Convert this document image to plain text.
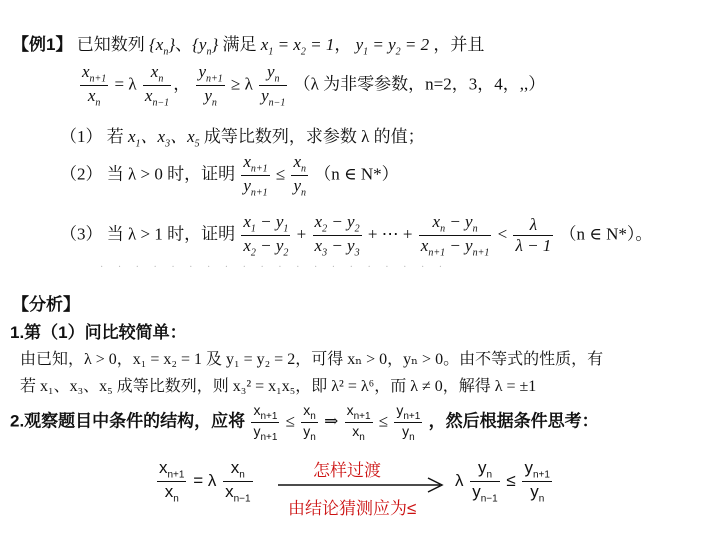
【例1】 已知数列 $\{x_n\}$、$\{y_n\}$ 满足 $x_1 = x_2 = 1$， $y_1 = y_2 = 2$ ，并且
$\frac{x_{n+1}}{x_n} = \lambda \frac{x_n}{x_{n-1}}$ ， $\frac{y_{n+1}}{y_n} \ge \lambda \frac{y_n}{y_{n-1}} (\lambda$ 为非零参数，n=2，3，4，,,）
（1） 若 $x_1$、$x_3$、$x_5$ 成等比数列，求参数 λ 的值；
（2） 当 λ > 0 时，证明 $\frac{x_{n+1}}{y_{n+1}} \le \frac{x_n}{y_n} (n$ ∈ N*）
（3） 当 λ > 1 时，证明 $\frac{x_1 - y_1}{x_2 - y_2} + \frac{x_2 - y_2}{x_3 - y_3}$ + ⋯ + $\frac{x_n - y_n}{x_{n+1} - y_{n+1}} < \frac{\lambda}{\lambda - 1} (n$ ∈ N*）。
· · · · · · · · · · · · · · · · · · · ·
【分析】
1.第（1）问比较简单：
由已知，λ > 0，x₁ = x₂ = 1 及 y₁ = y₂ = 2，可得 xₙ > 0，yₙ > 0。由不等式的性质，有
若 x₁、x₃、x₅ 成等比数列，则 x₃² = x₁x₅，即 λ² = λ⁶，而 λ ≠ 0，解得 λ = ±1
2.观察题目中条件的结构，应将 $\frac{x_{n+1}}{y_{n+1}} \le \frac{x_n}{y_n}$ ⇒ $\frac{x_{n+1}}{x_n} \le \frac{y_{n+1}}{y_n}$ ，然后根据条件思考：
$\frac{x_{n+1}}{x_n} = \lambda \frac{x_n}{x_{n-1}}$	怎样过渡
由结论猜测应为≤
λ $\frac{y_n}{y_{n-1}} \le \frac{y_{n+1}}{y_n}$
